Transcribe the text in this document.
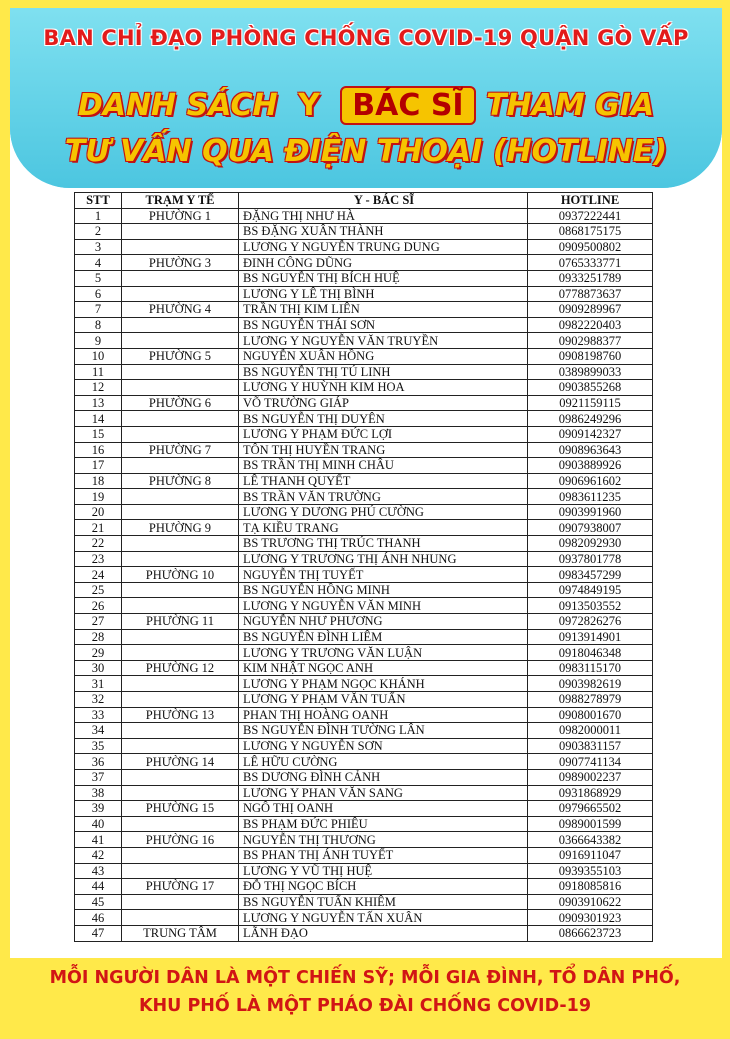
BAN CHỈ ĐẠO PHÒNG CHỐNG COVID-19 QUẬN GÒ VẤP
DANH SÁCH Y BÁC SĨ THAM GIA
TƯ VẤN QUA ĐIỆN THOẠI (HOTLINE)
STT	TRẠM Y TẾ	Y - BÁC SĨ	HOTLINE
1	PHƯỜNG 1	ĐẶNG THỊ NHƯ HÀ	0937222441
2		BS ĐẶNG XUÂN THÀNH	0868175175
3		LƯƠNG Y NGUYỄN TRUNG DUNG	0909500802
4	PHƯỜNG 3	ĐINH CÔNG DŨNG	0765333771
5		BS NGUYỄN THỊ BÍCH HUỆ	0933251789
6		LƯƠNG Y LÊ THỊ BÌNH	0778873637
7	PHƯỜNG 4	TRẦN THỊ KIM LIÊN	0909289967
8		BS NGUYỄN THÁI SƠN	0982220403
9		LƯƠNG Y NGUYỄN VĂN TRUYỀN	0902988377
10	PHƯỜNG 5	NGUYỄN XUÂN HỒNG	0908198760
11		BS NGUYỄN THỊ TÚ LINH	0389899033
12		LƯƠNG Y HUỲNH KIM HOA	0903855268
13	PHƯỜNG 6	VÕ TRƯỜNG GIÁP	0921159115
14		BS NGUYỄN THỊ DUYÊN	0986249296
15		LƯƠNG Y PHẠM ĐỨC LỢI	0909142327
16	PHƯỜNG 7	TÔN THỊ HUYỀN TRANG	0908963643
17		BS TRẦN THỊ MINH CHÂU	0903889926
18	PHƯỜNG 8	LÊ THANH QUYẾT	0906961602
19		BS TRẦN VĂN TRƯỜNG	0983611235
20		LƯƠNG Y DƯƠNG PHÚ CƯỜNG	0903991960
21	PHƯỜNG 9	TẠ KIỀU TRANG	0907938007
22		BS TRƯƠNG THỊ TRÚC THANH	0982092930
23		LƯƠNG Y TRƯƠNG THỊ ÁNH NHUNG	0937801778
24	PHƯỜNG 10	NGUYỄN THỊ TUYẾT	0983457299
25		BS NGUYỄN HỒNG MINH	0974849195
26		LƯƠNG Y NGUYỄN VĂN MINH	0913503552
27	PHƯỜNG 11	NGUYỄN NHƯ PHƯƠNG	0972826276
28		BS NGUYỄN ĐÌNH LIÊM	0913914901
29		LƯƠNG Y TRƯƠNG VĂN LUẬN	0918046348
30	PHƯỜNG 12	KIM NHẬT NGỌC ANH	0983115170
31		LƯƠNG Y PHẠM NGỌC KHÁNH	0903982619
32		LƯƠNG Y PHẠM VĂN TUẤN	0988278979
33	PHƯỜNG 13	PHAN THỊ HOÀNG OANH	0908001670
34		BS NGUYỄN ĐÌNH TƯỜNG LÂN	0982000011
35		LƯƠNG Y NGUYỄN SƠN	0903831157
36	PHƯỜNG 14	LÊ HỮU CƯỜNG	0907741134
37		BS DƯƠNG ĐÌNH CẢNH	0989002237
38		LƯƠNG Y PHAN VĂN SANG	0931868929
39	PHƯỜNG 15	NGÔ THỊ OANH	0979665502
40		BS PHẠM ĐỨC PHIÊU	0989001599
41	PHƯỜNG 16	NGUYỄN THỊ THƯƠNG	0366643382
42		BS PHAN THỊ ÁNH TUYẾT	0916911047
43		LƯƠNG Y VŨ THỊ HUỆ	0939355103
44	PHƯỜNG 17	ĐỖ THỊ NGỌC BÍCH	0918085816
45		BS NGUYỄN TUẤN KHIÊM	0903910622
46		LƯƠNG Y NGUYỄN TẤN XUÂN	0909301923
47	TRUNG TÂM	LÃNH ĐẠO	0866623723
MỖI NGƯỜI DÂN LÀ MỘT CHIẾN SỸ; MỖI GIA ĐÌNH, TỔ DÂN PHỐ,
KHU PHỐ LÀ MỘT PHÁO ĐÀI CHỐNG COVID-19
